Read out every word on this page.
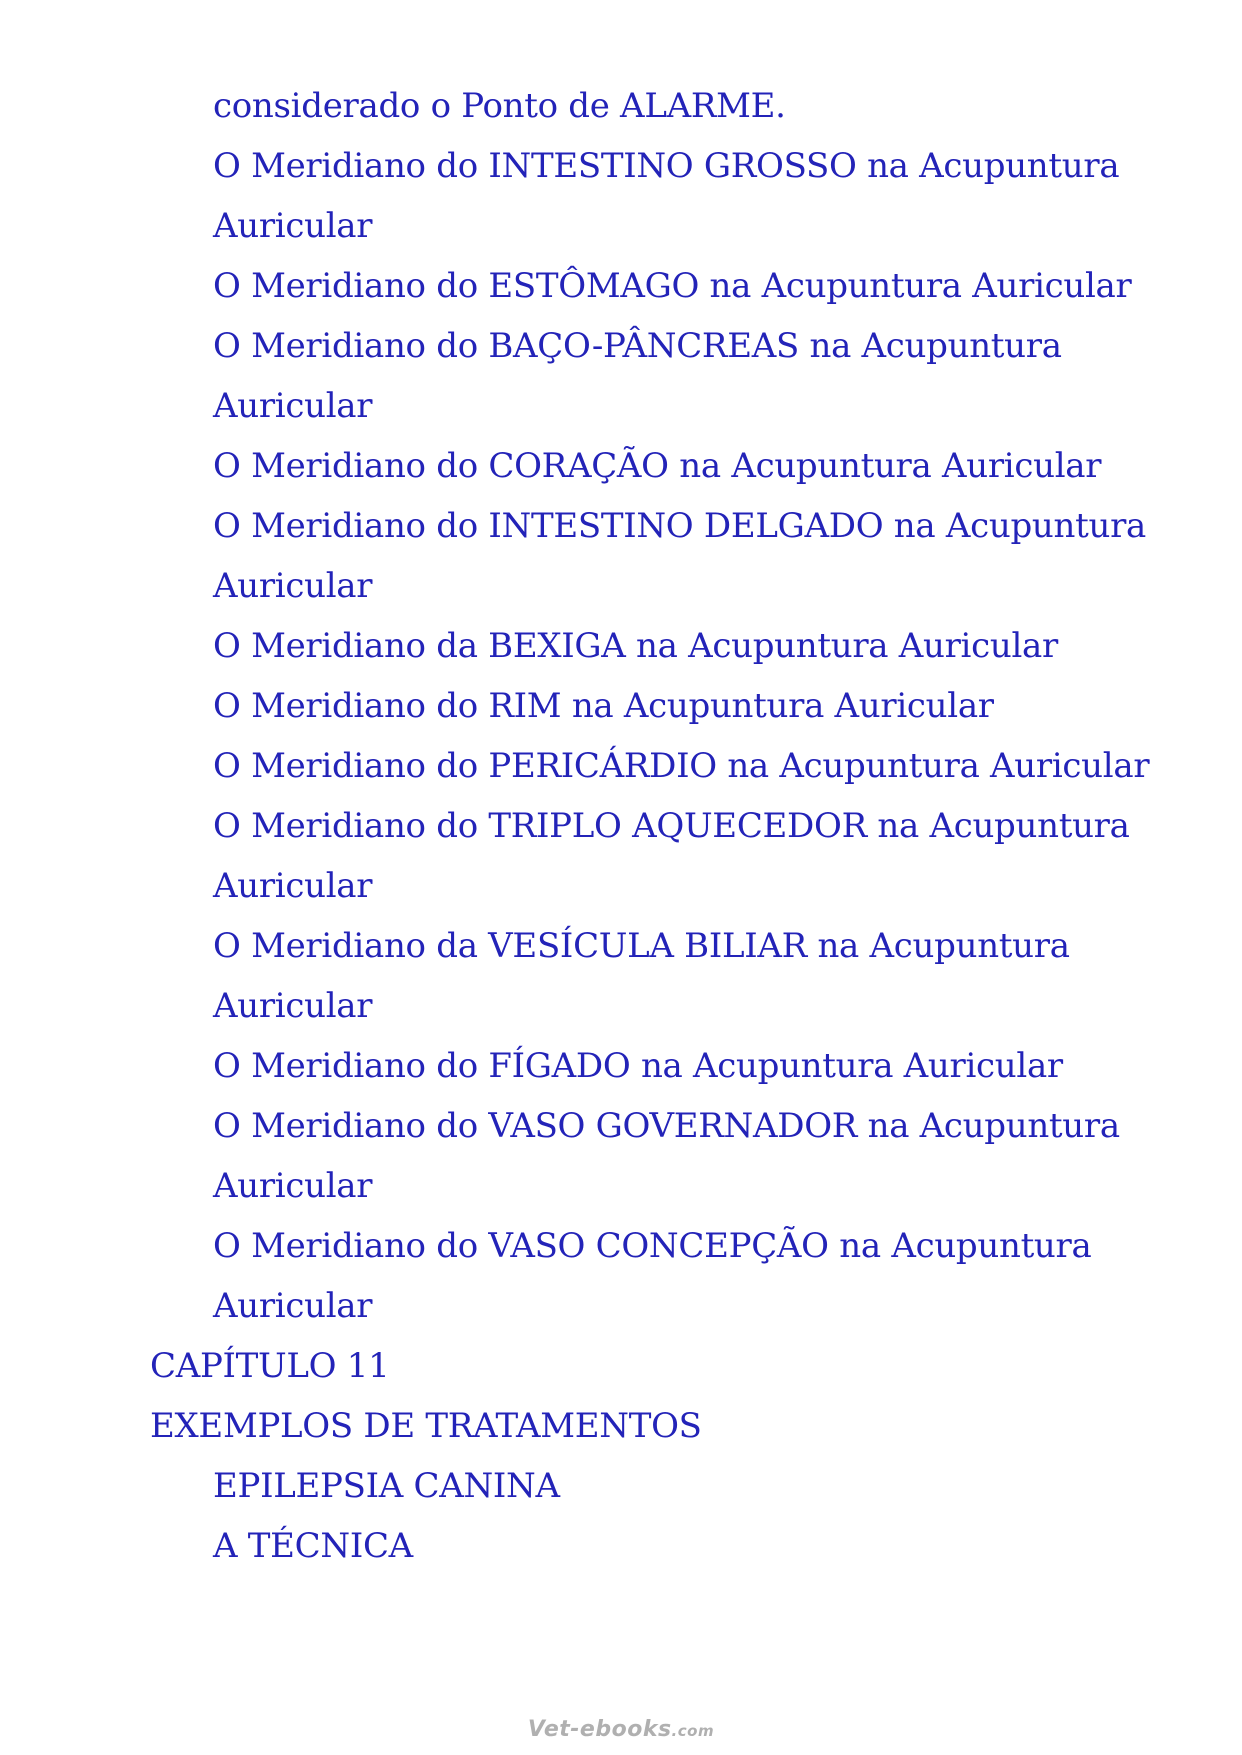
considerado o Ponto de ALARME.
O Meridiano do INTESTINO GROSSO na Acupuntura
Auricular
O Meridiano do ESTÔMAGO na Acupuntura Auricular
O Meridiano do BAÇO-PÂNCREAS na Acupuntura
Auricular
O Meridiano do CORAÇÃO na Acupuntura Auricular
O Meridiano do INTESTINO DELGADO na Acupuntura
Auricular
O Meridiano da BEXIGA na Acupuntura Auricular
O Meridiano do RIM na Acupuntura Auricular
O Meridiano do PERICÁRDIO na Acupuntura Auricular
O Meridiano do TRIPLO AQUECEDOR na Acupuntura
Auricular
O Meridiano da VESÍCULA BILIAR na Acupuntura
Auricular
O Meridiano do FÍGADO na Acupuntura Auricular
O Meridiano do VASO GOVERNADOR na Acupuntura
Auricular
O Meridiano do VASO CONCEPÇÃO na Acupuntura
Auricular
CAPÍTULO 11
EXEMPLOS DE TRATAMENTOS
EPILEPSIA CANINA
A TÉCNICA
Vet-ebooks.com
